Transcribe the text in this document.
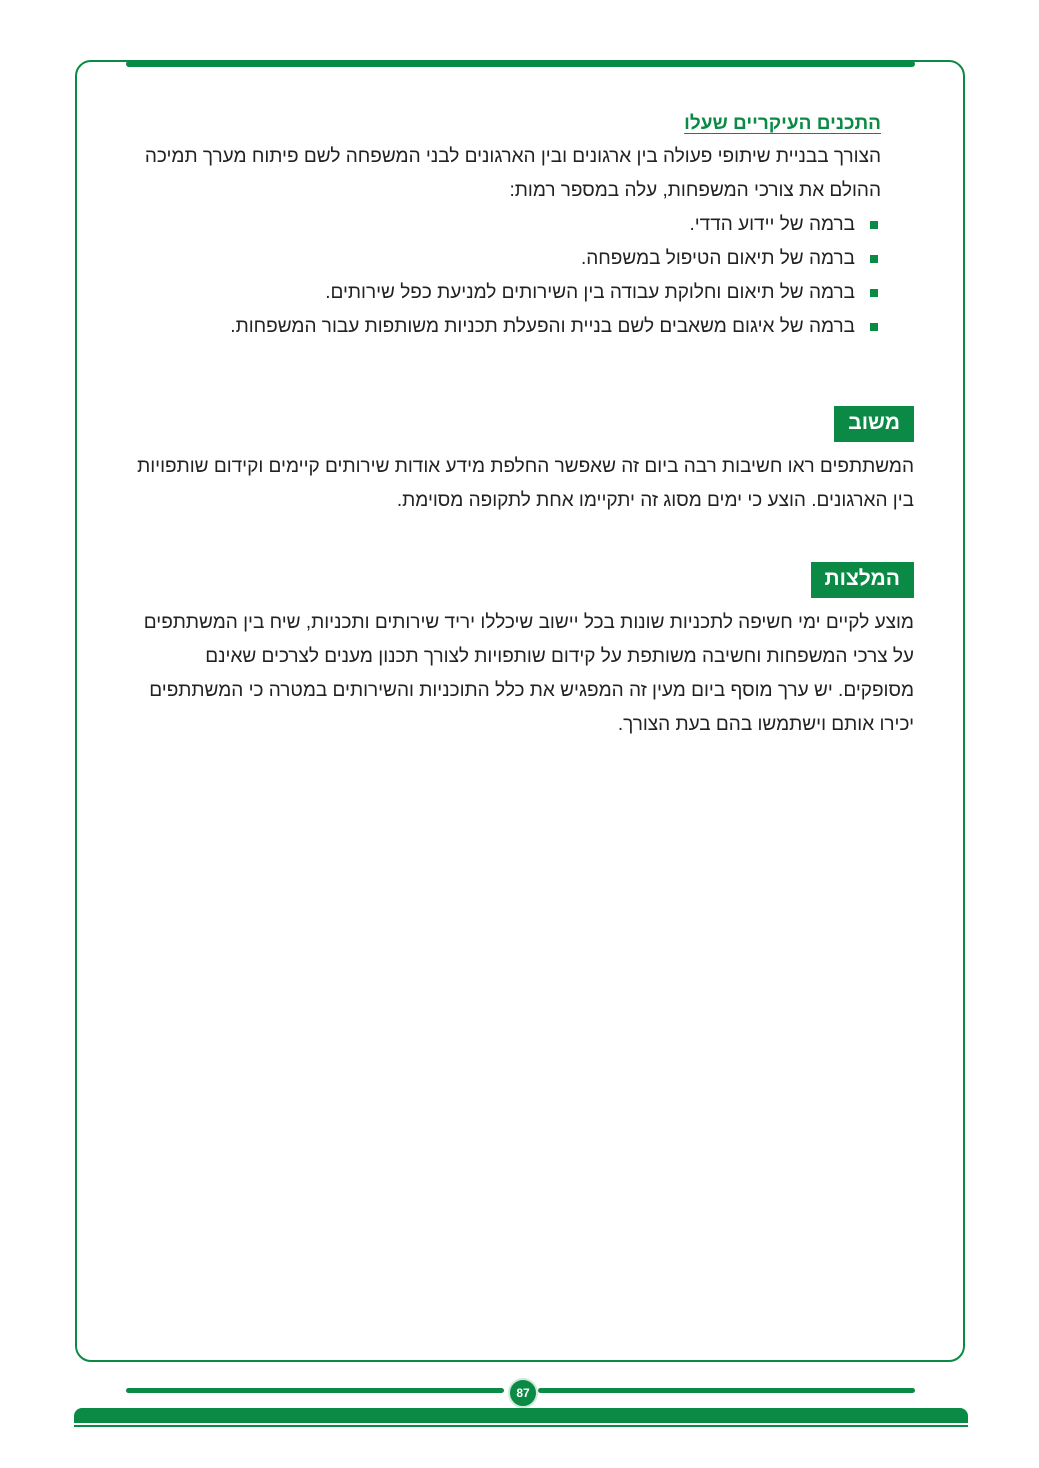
התכנים העיקריים שעלו

הצורך בבניית שיתופי פעולה בין ארגונים ובין הארגונים לבני המשפחה לשם פיתוח מערך תמיכה ההולם את צורכי המשפחות, עלה במספר רמות:

ברמה של יידוע הדדי.
ברמה של תיאום הטיפול במשפחה.
ברמה של תיאום וחלוקת עבודה בין השירותים למניעת כפל שירותים.
ברמה של איגום משאבים לשם בניית והפעלת תכניות משותפות עבור המשפחות.
משוב

המשתתפים ראו חשיבות רבה ביום זה שאפשר החלפת מידע אודות שירותים קיימים וקידום שותפויות בין הארגונים. הוצע כי ימים מסוג זה יתקיימו אחת לתקופה מסוימת.

המלצות

מוצע לקיים ימי חשיפה לתכניות שונות בכל יישוב שיכללו יריד שירותים ותכניות, שיח בין המשתתפים על צרכי המשפחות וחשיבה משותפת על קידום שותפויות לצורך תכנון מענים לצרכים שאינם מסופקים. יש ערך מוסף ביום מעין זה המפגיש את כלל התוכניות והשירותים במטרה כי המשתתפים יכירו אותם וישתמשו בהם בעת הצורך.

87
